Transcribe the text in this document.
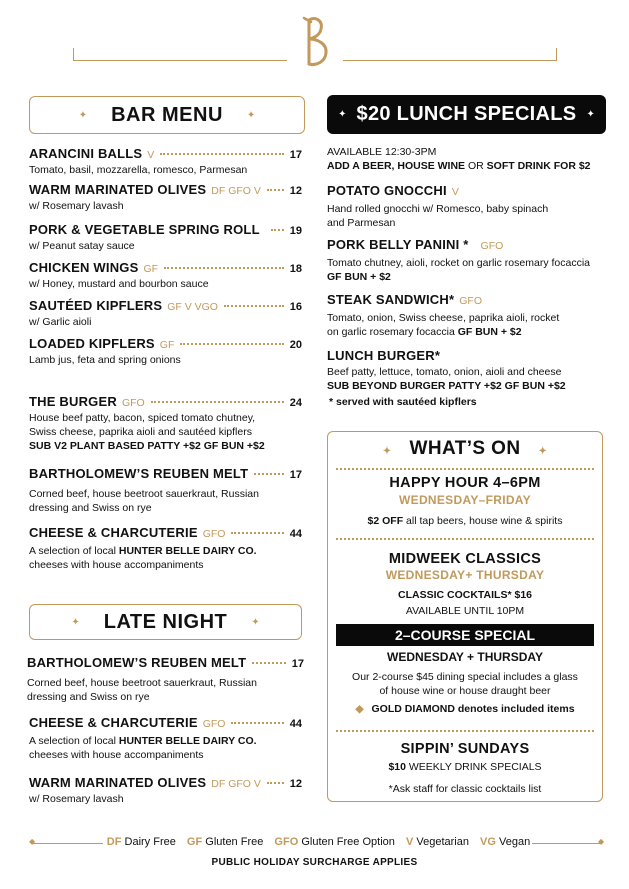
✦ BAR MENU ✦
ARANCINI BALLS V	17
Tomato, basil, mozzarella, romesco, Parmesan
WARM MARINATED OLIVES DF GFO V	12
w/ Rosemary lavash
PORK & VEGETABLE SPRING ROLL	19
w/ Peanut satay sauce
CHICKEN WINGS GF	18
w/ Honey, mustard and bourbon sauce
SAUTÉED KIPFLERS GF V VGO	16
w/ Garlic aioli
LOADED KIPFLERS GF	20
Lamb jus, feta and spring onions
THE BURGER GFO	24
House beef patty, bacon, spiced tomato chutney,
Swiss cheese, paprika aioli and sautéed kipflers
SUB V2 PLANT BASED PATTY +$2 GF BUN +$2
BARTHOLOMEW’S REUBEN MELT	17
Corned beef, house beetroot sauerkraut, Russian
dressing and Swiss on rye
CHEESE & CHARCUTERIE GFO	44
A selection of local HUNTER BELLE DAIRY CO.
cheeses with house accompaniments
✦ LATE NIGHT ✦
BARTHOLOMEW’S REUBEN MELT	17
Corned beef, house beetroot sauerkraut, Russian
dressing and Swiss on rye
CHEESE & CHARCUTERIE GFO	44
A selection of local HUNTER BELLE DAIRY CO.
cheeses with house accompaniments
WARM MARINATED OLIVES DF GFO V	12
w/ Rosemary lavash
✦ $20 LUNCH SPECIALS ✦
AVAILABLE 12:30-3PM
ADD A BEER, HOUSE WINE OR SOFT DRINK FOR $2
POTATO GNOCCHI V
Hand rolled gnocchi w/ Romesco, baby spinach
and Parmesan
PORK BELLY PANINI * GFO
Tomato chutney, aioli, rocket on garlic rosemary focaccia
GF BUN + $2
STEAK SANDWICH* GFO
Tomato, onion, Swiss cheese, paprika aioli, rocket
on garlic rosemary focaccia GF BUN + $2
LUNCH BURGER*
Beef patty, lettuce, tomato, onion, aioli and cheese
SUB BEYOND BURGER PATTY +$2 GF BUN +$2
* served with sautéed kipflers
✦ WHAT’S ON ✦
HAPPY HOUR 4–6PM
WEDNESDAY–FRIDAY
$2 OFF all tap beers, house wine & spirits
MIDWEEK CLASSICS
WEDNESDAY+ THURSDAY
CLASSIC COCKTAILS* $16
AVAILABLE UNTIL 10PM
2–COURSE SPECIAL
WEDNESDAY + THURSDAY
Our 2-course $45 dining special includes a glass
of house wine or house draught beer
◆ GOLD DIAMOND denotes included items
SIPPIN’ SUNDAYS
$10 WEEKLY DRINK SPECIALS
*Ask staff for classic cocktails list
◆	◆
DF Dairy Free GF Gluten Free GFO Gluten Free Option V Vegetarian VG Vegan
PUBLIC HOLIDAY SURCHARGE APPLIES
